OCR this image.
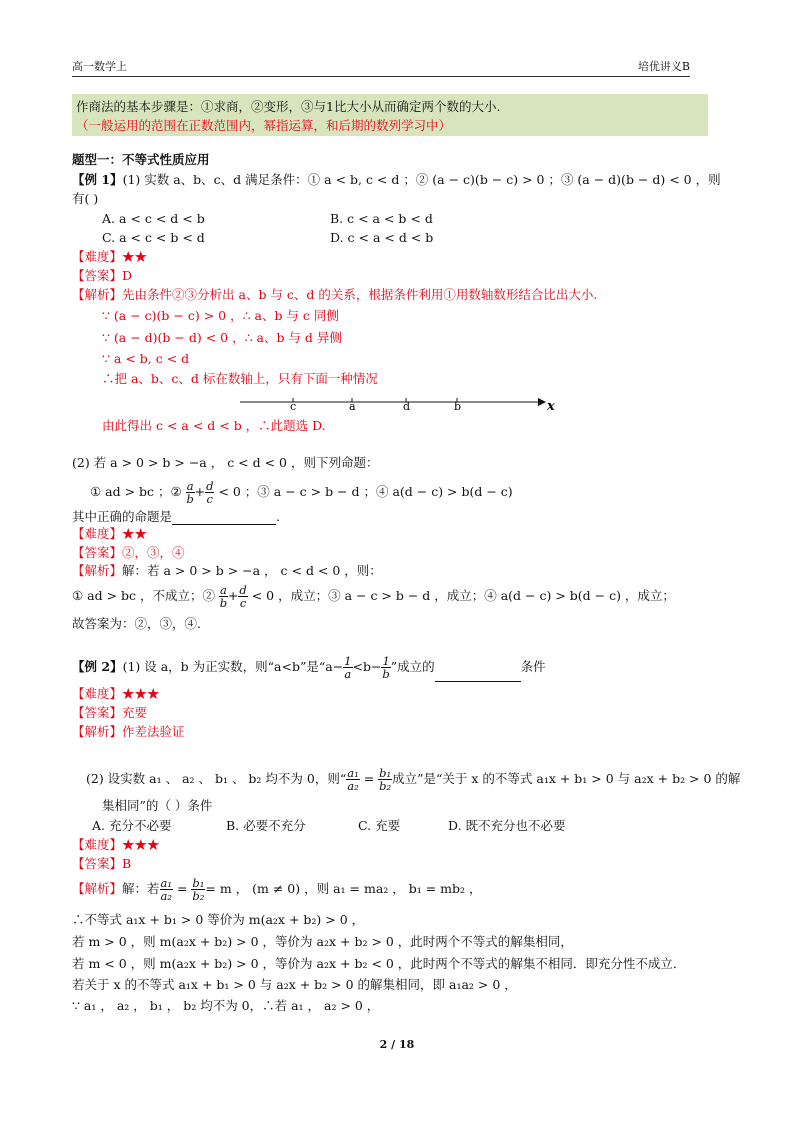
高一数学上	培优讲义B
作商法的基本步骤是：①求商，②变形，③与1比大小从而确定两个数的大小.
（一般运用的范围在正数范围内，幂指运算，和后期的数列学习中）
题型一：不等式性质应用
【例 1】(1) 实数 a、b、c、d 满足条件：① a < b, c < d ；② (a − c)(b − c) > 0 ；③ (a − d)(b − d) < 0 ，则
有( )
A. a < c < d < b	B. c < a < b < d
C. a < c < b < d	D. c < a < d < b
【难度】★★
【答案】D
【解析】先由条件②③分析出 a、b 与 c、d 的关系，根据条件利用①用数轴数形结合比出大小.
∵ (a − c)(b − c) > 0 ，∴ a、b 与 c 同侧
∵ (a − d)(b − d) < 0 ，∴ a、b 与 d 异侧
∵ a < b, c < d
∴把 a、b、c、d 标在数轴上，只有下面一种情况
c	a	d	b	x
由此得出 c < a < d < b ，∴此题选 D.
(2) 若 a > 0 > b > −a ， c < d < 0 ，则下列命题：
① ad > bc ；② $\frac{a}{b} + \frac{d}{c} < 0$ ；③ a − c > b − d ；④ a(d − c) > b(d − c)
其中正确的命题是	.
【难度】★★
【答案】②，③，④
【解析】解：若 a > 0 > b > −a ， c < d < 0 ，则：
① ad > bc ，不成立；② $\frac{a}{b} + \frac{d}{c} < 0$ ，成立；③ a − c > b − d ，成立；④ a(d − c) > b(d − c) ，成立；
故答案为：②，③，④.
【例 2】(1) 设 a，b 为正实数，则“a<b”是“$a- \frac{1}{a} <b- \frac{1}{b}$ ”成立的	条件
【难度】★★★
【答案】充要
【解析】作差法验证
(2) 设实数 a₁ 、 a₂ 、 b₁ 、 b₂ 均不为 0，则“ $\frac{\text{a₁}}{\text{a₂}} = \frac{\text{b₁}}{\text{b₂}}$ 成立”是“关于 x 的不等式 a₁x + b₁ > 0 与 a₂x + b₂ > 0 的解
集相同”的（ ）条件
A. 充分不必要	B. 必要不充分	C. 充要	D. 既不充分也不必要
【难度】★★★
【答案】B
【解析】解：若 $\frac{\text{a₁}}{\text{a₂}} = \frac{\text{b₁}}{\text{b₂}} = m$ ， (m ≠ 0) ，则 a₁ = ma₂ ， b₁ = mb₂ ，
∴不等式 a₁x + b₁ > 0 等价为 m(a₂x + b₂) > 0 ，
若 m > 0 ，则 m(a₂x + b₂) > 0 ，等价为 a₂x + b₂ > 0 ，此时两个不等式的解集相同，
若 m < 0 ，则 m(a₂x + b₂) > 0 ，等价为 a₂x + b₂ < 0 ，此时两个不等式的解集不相同．即充分性不成立．
若关于 x 的不等式 a₁x + b₁ > 0 与 a₂x + b₂ > 0 的解集相同，即 a₁a₂ > 0 ，
∵ a₁ ， a₂ ， b₁ ， b₂ 均不为 0，∴若 a₁ ， a₂ > 0 ，
2 / 18
